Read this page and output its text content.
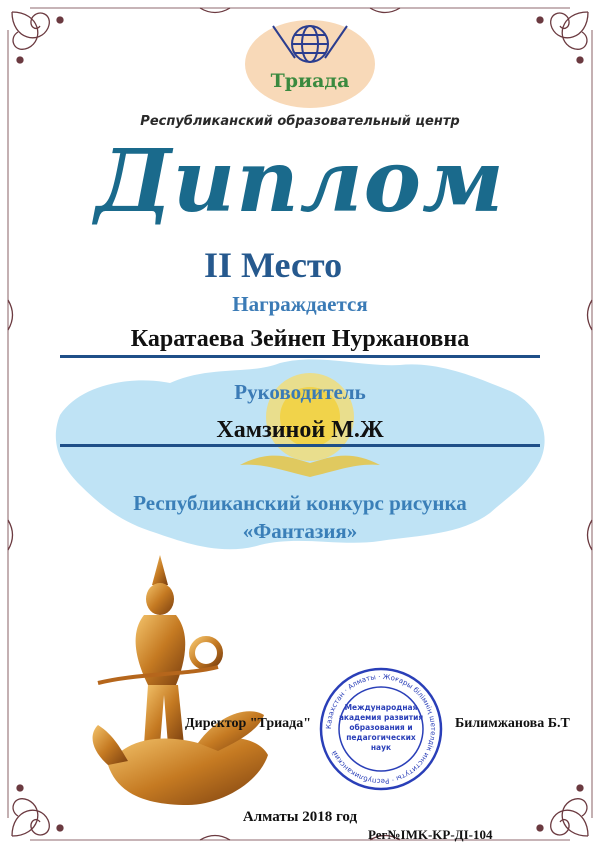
Триада
Республиканский образовательный центр
Диплом
II Место
Награждается
Каратаева Зейнеп Нуржановна
Руководитель
Хамзиной М.Ж
Республиканский конкурс рисунка
«Фантазия»
Директор "Триада" Казахстан · Алматы · Жоғары білімнің шетелдік институты · Республиканский
Международная
академия развития
образования и
педагогических
наук
Билимжанова Б.Т
Алматы 2018 год
Рег№IMK-KP-ДI-104
